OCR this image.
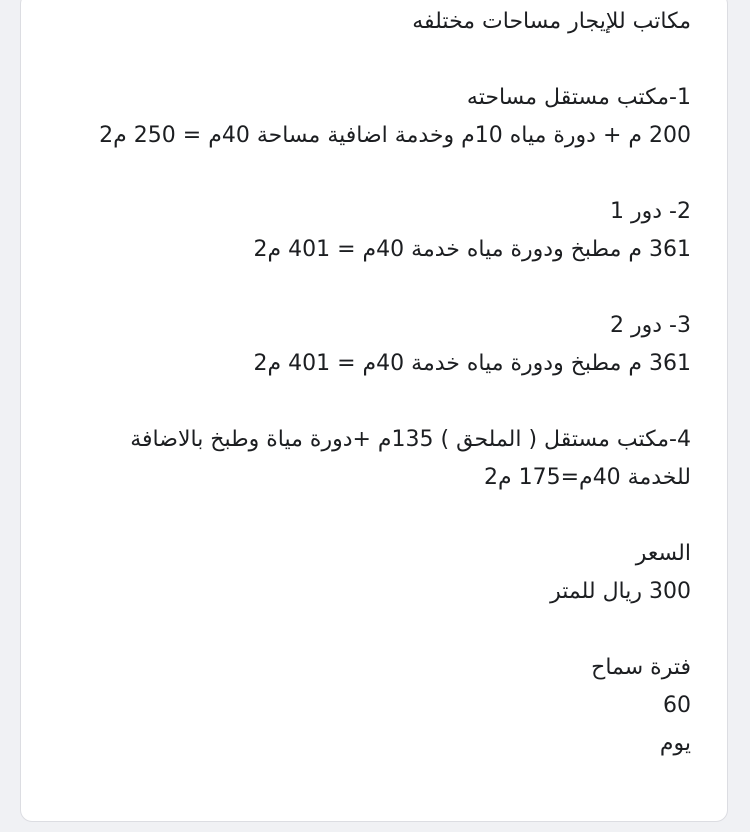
مكاتب للإيجار مساحات مختلفه
1-مكتب مستقل مساحته
200 م + دورة مياه 10م وخدمة اضافية مساحة 40م = 250 م2
2- دور 1
361 م مطبخ ودورة مياه خدمة 40م = 401 م2
3- دور 2
361 م مطبخ ودورة مياه خدمة 40م = 401 م2
4-مكتب مستقل ( الملحق ) 135م +دورة مياة وطبخ بالاضافة
للخدمة 40م=175 م2
السعر
300 ريال للمتر
فترة سماح
60
يوم
